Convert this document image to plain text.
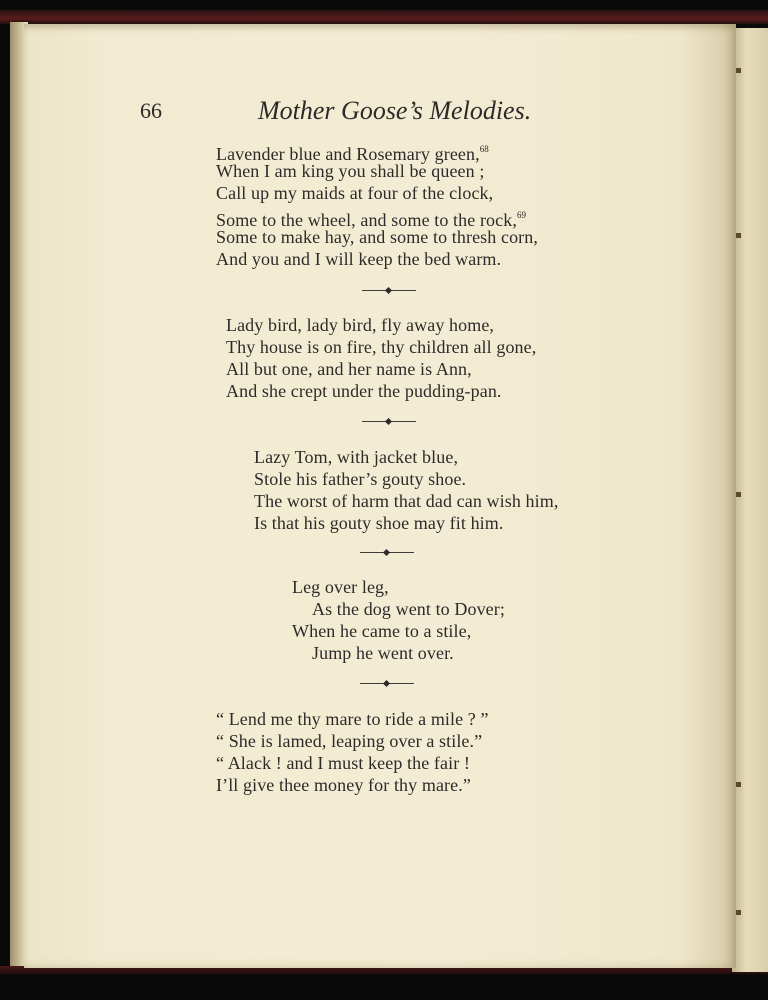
66	Mother Goose’s Melodies.
Lavender blue and Rosemary green,$^{68}$
When I am king you shall be queen ;
Call up my maids at four of the clock,
Some to the wheel, and some to the rock,$^{69}$
Some to make hay, and some to thresh corn,
And you and I will keep the bed warm.
Lady bird, lady bird, fly away home,
Thy house is on fire, thy children all gone,
All but one, and her name is Ann,
And she crept under the pudding-pan.
Lazy Tom, with jacket blue,
Stole his father’s gouty shoe.
The worst of harm that dad can wish him,
Is that his gouty shoe may fit him.
Leg over leg,
As the dog went to Dover;
When he came to a stile,
Jump he went over.
“ Lend me thy mare to ride a mile ? ”
“ She is lamed, leaping over a stile.”
“ Alack ! and I must keep the fair !
I’ll give thee money for thy mare.”
